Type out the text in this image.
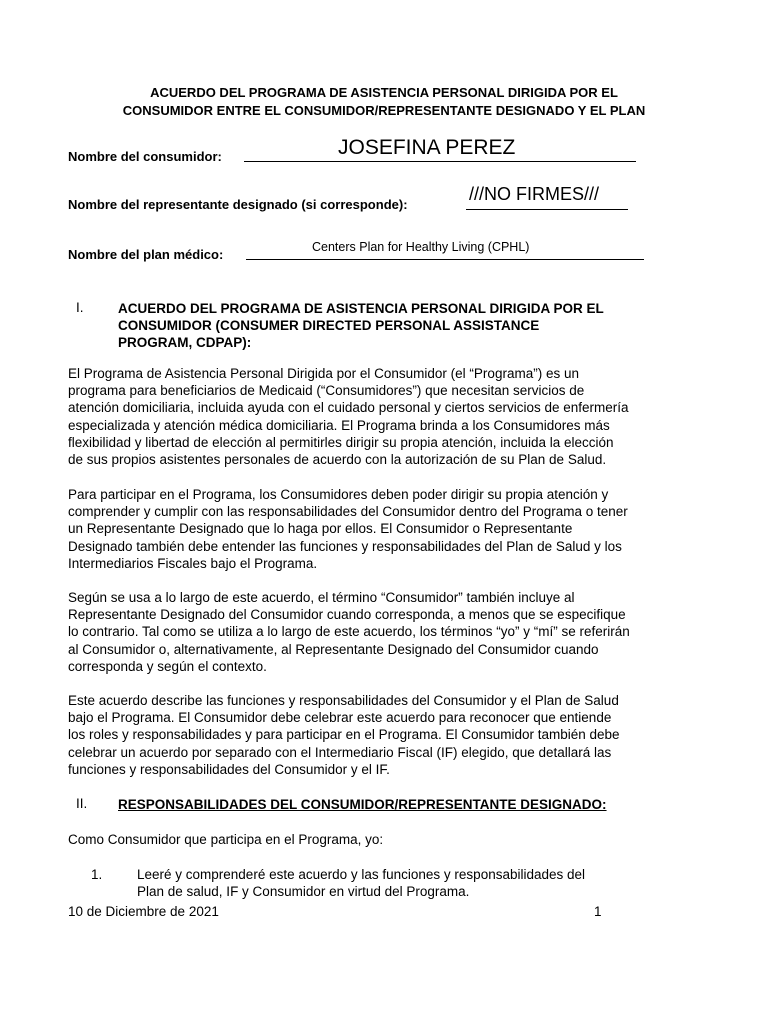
ACUERDO DEL PROGRAMA DE ASISTENCIA PERSONAL DIRIGIDA POR EL
CONSUMIDOR ENTRE EL CONSUMIDOR/REPRESENTANTE DESIGNADO Y EL PLAN
Nombre del consumidor:	JOSEFINA PEREZ
Nombre del representante designado (si corresponde):
///NO FIRMES///
Nombre del plan médico:	Centers Plan for Healthy Living (CPHL)
I.	ACUERDO DEL PROGRAMA DE ASISTENCIA PERSONAL DIRIGIDA POR EL
CONSUMIDOR (CONSUMER DIRECTED PERSONAL ASSISTANCE
PROGRAM, CDPAP):
El Programa de Asistencia Personal Dirigida por el Consumidor (el “Programa”) es un
programa para beneficiarios de Medicaid (“Consumidores”) que necesitan servicios de
atención domiciliaria, incluida ayuda con el cuidado personal y ciertos servicios de enfermería
especializada y atención médica domiciliaria. El Programa brinda a los Consumidores más
flexibilidad y libertad de elección al permitirles dirigir su propia atención, incluida la elección
de sus propios asistentes personales de acuerdo con la autorización de su Plan de Salud.
Para participar en el Programa, los Consumidores deben poder dirigir su propia atención y
comprender y cumplir con las responsabilidades del Consumidor dentro del Programa o tener
un Representante Designado que lo haga por ellos. El Consumidor o Representante
Designado también debe entender las funciones y responsabilidades del Plan de Salud y los
Intermediarios Fiscales bajo el Programa.
Según se usa a lo largo de este acuerdo, el término “Consumidor” también incluye al
Representante Designado del Consumidor cuando corresponda, a menos que se especifique
lo contrario. Tal como se utiliza a lo largo de este acuerdo, los términos “yo” y “mí” se referirán
al Consumidor o, alternativamente, al Representante Designado del Consumidor cuando
corresponda y según el contexto.
Este acuerdo describe las funciones y responsabilidades del Consumidor y el Plan de Salud
bajo el Programa. El Consumidor debe celebrar este acuerdo para reconocer que entiende
los roles y responsabilidades y para participar en el Programa. El Consumidor también debe
celebrar un acuerdo por separado con el Intermediario Fiscal (IF) elegido, que detallará las
funciones y responsabilidades del Consumidor y el IF.
II. RESPONSABILIDADES DEL CONSUMIDOR/REPRESENTANTE DESIGNADO:
Como Consumidor que participa en el Programa, yo:
1.	Leeré y comprenderé este acuerdo y las funciones y responsabilidades del
Plan de salud, IF y Consumidor en virtud del Programa.
10 de Diciembre de 2021	1
